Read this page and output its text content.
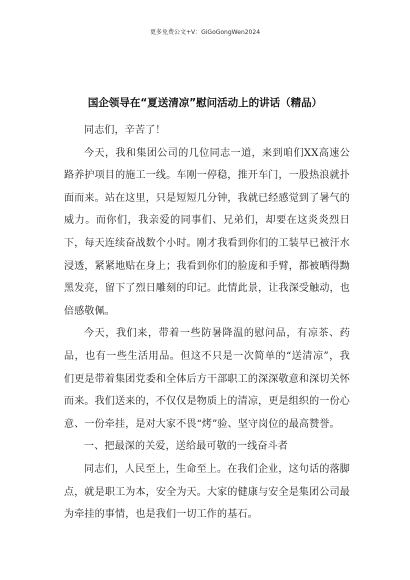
更多免费公文+V：GiGoGongWen2024
国企领导在“夏送清凉”慰问活动上的讲话（精品）

同志们，辛苦了！

今天，我和集团公司的几位同志一道，来到咱们XX高速公路养护项目的施工一线。车刚一停稳，推开车门，一股热浪就扑面而来。站在这里，只是短短几分钟，我就已经感觉到了暑气的威力。而你们，我亲爱的同事们、兄弟们，却要在这炎炎烈日下，每天连续奋战数个小时。刚才我看到你们的工装早已被汗水浸透，紧紧地贴在身上；我看到你们的脸庞和手臂，都被晒得黝黑发亮，留下了烈日雕刻的印记。此情此景，让我深受触动，也倍感敬佩。

今天，我们来，带着一些防暑降温的慰问品，有凉茶、药品，也有一些生活用品。但这不只是一次简单的“送清凉”，我们更是带着集团党委和全体后方干部职工的深深敬意和深切关怀而来。我们送来的，不仅仅是物质上的清凉，更是组织的一份心意、一份牵挂，是对大家不畏“烤”验、坚守岗位的最高赞誉。

一、把最深的关爱，送给最可敬的一线奋斗者

同志们，人民至上，生命至上。在我们企业，这句话的落脚点，就是职工为本，安全为天。大家的健康与安全是集团公司最为牵挂的事情，也是我们一切工作的基石。
